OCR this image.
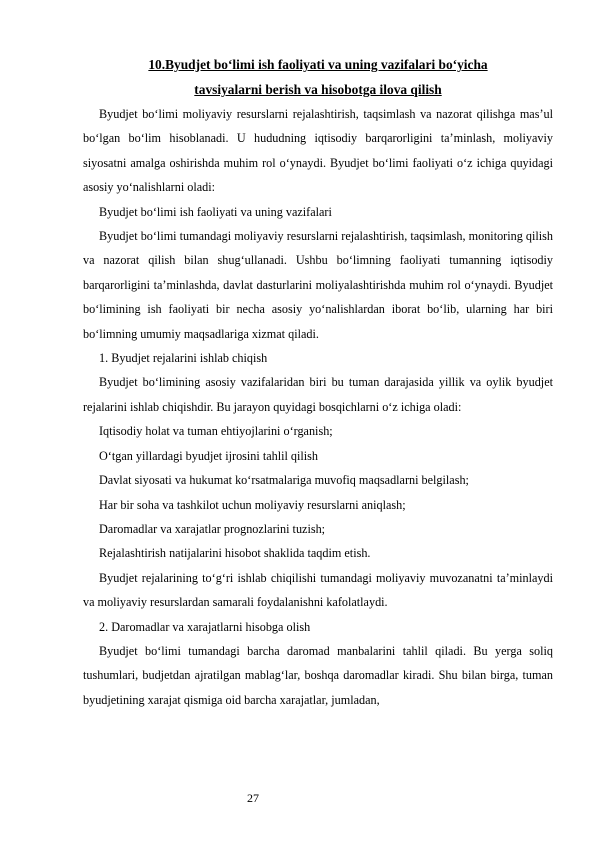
10.Byudjet bo‘limi ish faoliyati va uning vazifalari bo‘yicha
tavsiyalarni berish va hisobotga ilova qilish

Byudjet bo‘limi moliyaviy resurslarni rejalashtirish, taqsimlash va nazorat qilishga mas’ul bo‘lgan bo‘lim hisoblanadi. U hududning iqtisodiy barqarorligini ta’minlash, moliyaviy siyosatni amalga oshirishda muhim rol o‘ynaydi. Byudjet bo‘limi faoliyati o‘z ichiga quyidagi asosiy yo‘nalishlarni oladi:

Byudjet bo‘limi ish faoliyati va uning vazifalari

Byudjet bo‘limi tumandagi moliyaviy resurslarni rejalashtirish, taqsimlash, monitoring qilish va nazorat qilish bilan shug‘ullanadi. Ushbu bo‘limning faoliyati tumanning iqtisodiy barqarorligini ta’minlashda, davlat dasturlarini moliyalashtirishda muhim rol o‘ynaydi. Byudjet bo‘limining ish faoliyati bir necha asosiy yo‘nalishlardan iborat bo‘lib, ularning har biri bo‘limning umumiy maqsadlariga xizmat qiladi.

1. Byudjet rejalarini ishlab chiqish

Byudjet bo‘limining asosiy vazifalaridan biri bu tuman darajasida yillik va oylik byudjet rejalarini ishlab chiqishdir. Bu jarayon quyidagi bosqichlarni o‘z ichiga oladi:

Iqtisodiy holat va tuman ehtiyojlarini o‘rganish;

O‘tgan yillardagi byudjet ijrosini tahlil qilish

Davlat siyosati va hukumat ko‘rsatmalariga muvofiq maqsadlarni belgilash;

Har bir soha va tashkilot uchun moliyaviy resurslarni aniqlash;

Daromadlar va xarajatlar prognozlarini tuzish;

Rejalashtirish natijalarini hisobot shaklida taqdim etish.

Byudjet rejalarining to‘g‘ri ishlab chiqilishi tumandagi moliyaviy muvozanatni ta’minlaydi va moliyaviy resurslardan samarali foydalanishni kafolatlaydi.

2. Daromadlar va xarajatlarni hisobga olish

Byudjet bo‘limi tumandagi barcha daromad manbalarini tahlil qiladi. Bu yerga soliq tushumlari, budjetdan ajratilgan mablag‘lar, boshqa daromadlar kiradi. Shu bilan birga, tuman byudjetining xarajat qismiga oid barcha xarajatlar, jumladan,

27
